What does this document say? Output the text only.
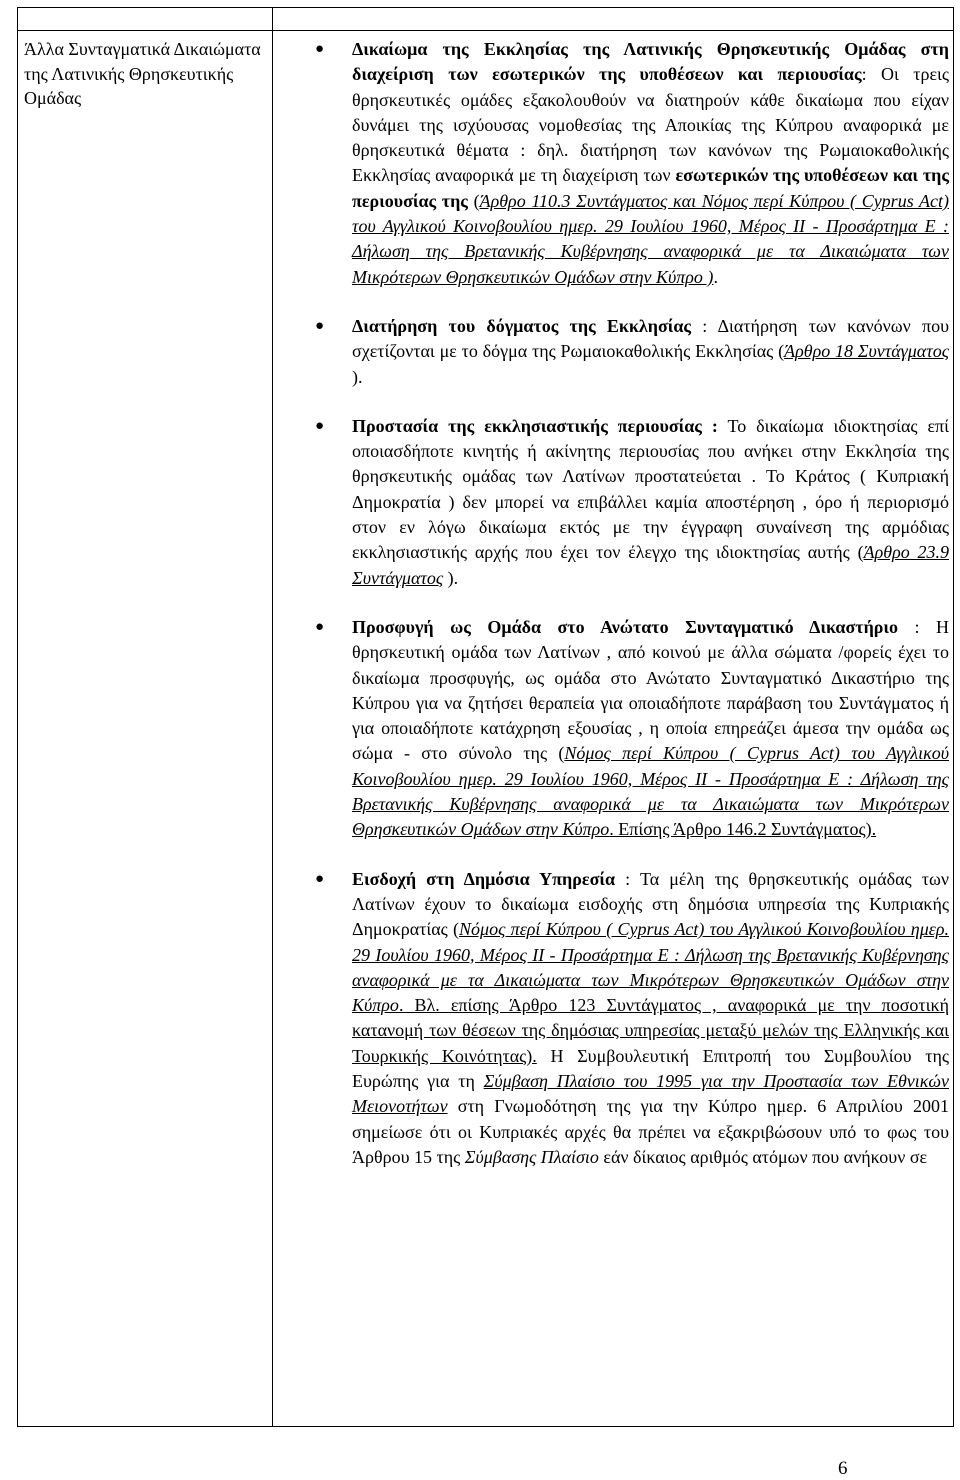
Άλλα Συνταγματικά Δικαιώματα της Λατινικής Θρησκευτικής Ομάδας
● Δικαίωμα της Εκκλησίας της Λατινικής Θρησκευτικής Ομάδας στη διαχείριση των εσωτερικών της υποθέσεων και περιουσίας: Οι τρεις θρησκευτικές ομάδες εξακολουθούν να διατηρούν κάθε δικαίωμα που είχαν δυνάμει της ισχύουσας νομοθεσίας της Αποικίας της Κύπρου αναφορικά με θρησκευτικά θέματα : δηλ. διατήρηση των κανόνων της Ρωμαιοκαθολικής Εκκλησίας αναφορικά με τη διαχείριση των εσωτερικών της υποθέσεων και της περιουσίας της (Άρθρο 110.3 Συντάγματος και Νόμος περί Κύπρου ( Cyprus Act) του Αγγλικού Κοινοβουλίου ημερ. 29 Ιουλίου 1960, Μέρος II - Προσάρτημα Ε : Δήλωση της Βρετανικής Κυβέρνησης αναφορικά με τα Δικαιώματα των Μικρότερων Θρησκευτικών Ομάδων στην Κύπρο ).
● Διατήρηση του δόγματος της Εκκλησίας : Διατήρηση των κανόνων που σχετίζονται με το δόγμα της Ρωμαιοκαθολικής Εκκλησίας (Άρθρο 18 Συντάγματος ).
● Προστασία της εκκλησιαστικής περιουσίας : Το δικαίωμα ιδιοκτησίας επί οποιασδήποτε κινητής ή ακίνητης περιουσίας που ανήκει στην Εκκλησία της θρησκευτικής ομάδας των Λατίνων προστατεύεται . Το Κράτος ( Κυπριακή Δημοκρατία ) δεν μπορεί να επιβάλλει καμία αποστέρηση , όρο ή περιορισμό στον εν λόγω δικαίωμα εκτός με την έγγραφη συναίνεση της αρμόδιας εκκλησιαστικής αρχής που έχει τον έλεγχο της ιδιοκτησίας αυτής (Άρθρο 23.9 Συντάγματος ).
● Προσφυγή ως Ομάδα στο Ανώτατο Συνταγματικό Δικαστήριο : Η θρησκευτική ομάδα των Λατίνων , από κοινού με άλλα σώματα /φορείς έχει το δικαίωμα προσφυγής, ως ομάδα στο Ανώτατο Συνταγματικό Δικαστήριο της Κύπρου για να ζητήσει θεραπεία για οποιαδήποτε παράβαση του Συντάγματος ή για οποιαδήποτε κατάχρηση εξουσίας , η οποία επηρεάζει άμεσα την ομάδα ως σώμα - στο σύνολο της (Νόμος περί Κύπρου ( Cyprus Act) του Αγγλικού Κοινοβουλίου ημερ. 29 Ιουλίου 1960, Μέρος II - Προσάρτημα Ε : Δήλωση της Βρετανικής Κυβέρνησης αναφορικά με τα Δικαιώματα των Μικρότερων Θρησκευτικών Ομάδων στην Κύπρο. Επίσης Άρθρο 146.2 Συντάγματος).
● Εισδοχή στη Δημόσια Υπηρεσία : Τα μέλη της θρησκευτικής ομάδας των Λατίνων έχουν το δικαίωμα εισδοχής στη δημόσια υπηρεσία της Κυπριακής Δημοκρατίας (Νόμος περί Κύπρου ( Cyprus Act) του Αγγλικού Κοινοβουλίου ημερ. 29 Ιουλίου 1960, Μέρος II - Προσάρτημα Ε : Δήλωση της Βρετανικής Κυβέρνησης αναφορικά με τα Δικαιώματα των Μικρότερων Θρησκευτικών Ομάδων στην Κύπρο. Βλ. επίσης Άρθρο 123 Συντάγματος , αναφορικά με την ποσοτική κατανομή των θέσεων της δημόσιας υπηρεσίας μεταξύ μελών της Ελληνικής και Τουρκικής Κοινότητας). Η Συμβουλευτική Επιτροπή του Συμβουλίου της Ευρώπης για τη Σύμβαση Πλαίσιο του 1995 για την Προστασία των Εθνικών Μειονοτήτων στη Γνωμοδότηση της για την Κύπρο ημερ. 6 Απριλίου 2001 σημείωσε ότι οι Κυπριακές αρχές θα πρέπει να εξακριβώσουν υπό το φως του Άρθρου 15 της Σύμβασης Πλαίσιο εάν δίκαιος αριθμός ατόμων που ανήκουν σε
6
